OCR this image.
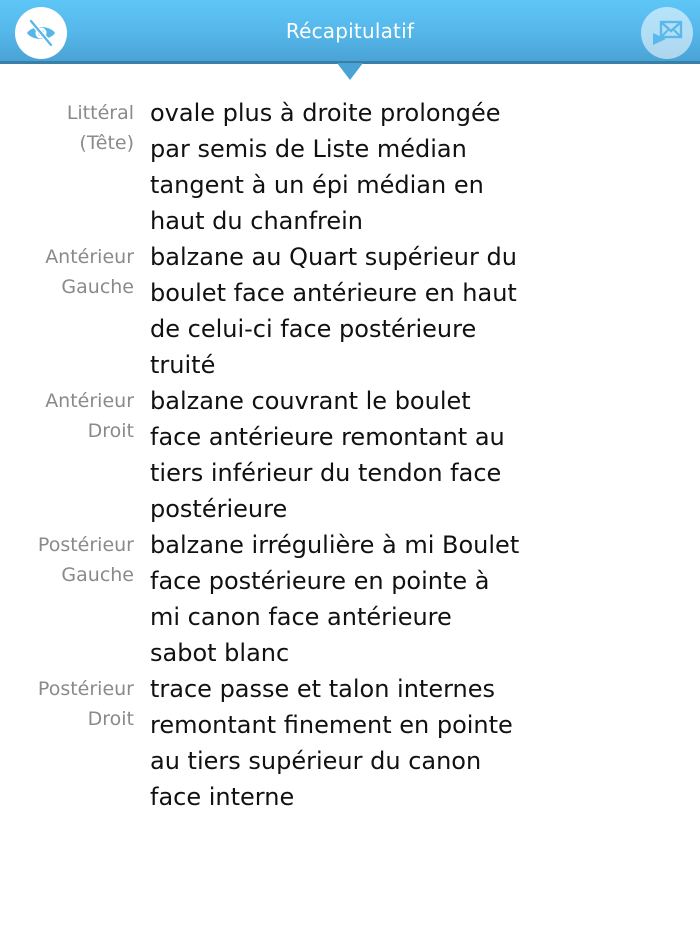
Récapitulatif
Littéral
(Tête)
ovale plus à droite prolongée par semis de Liste médian tangent à un épi médian en haut du chanfrein
Antérieur
Gauche
balzane au Quart supérieur du boulet face antérieure en haut de celui-ci face postérieure truité
Antérieur
Droit
balzane couvrant le boulet face antérieure remontant au tiers inférieur du tendon face postérieure
Postérieur
Gauche
balzane irrégulière à mi Boulet face postérieure en pointe à mi canon face antérieure sabot blanc
Postérieur
Droit
trace passe et talon internes remontant finement en pointe au tiers supérieur du canon face interne
